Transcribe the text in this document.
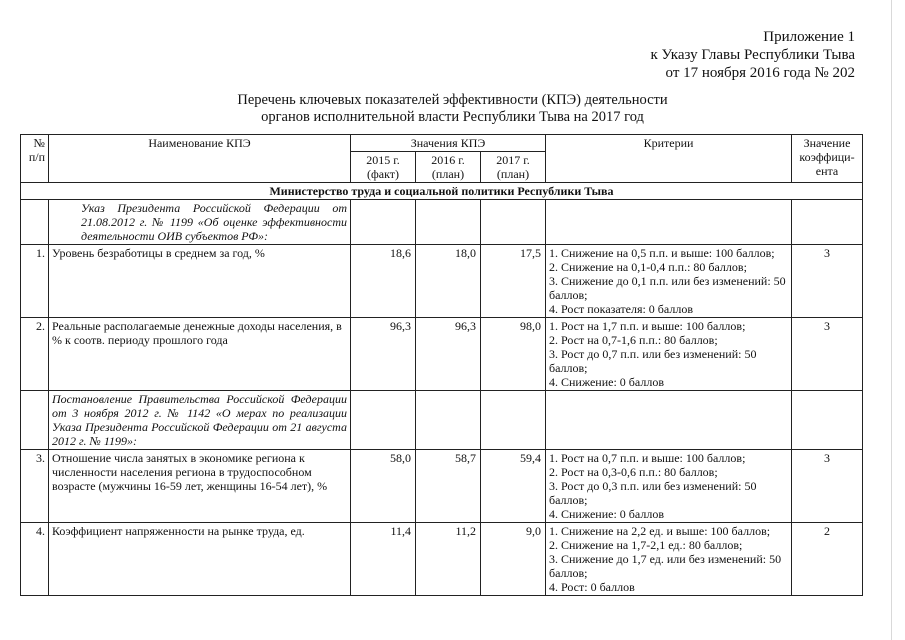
Приложение 1
к Указу Главы Республики Тыва
от 17 ноября 2016 года № 202
Перечень ключевых показателей эффективности (КПЭ) деятельности
органов исполнительной власти Республики Тыва на 2017 год
№ п/п	Наименование КПЭ	Значения КПЭ			Критерии	Значение коэффици-ента
		2015 г. (факт)	2016 г. (план)	2017 г. (план)		
Министерство труда и социальной политики Республики Тыва						
	Указ Президента Российской Федерации от 21.08.2012 г. № 1199 «Об оценке эффективности деятельности ОИВ субъектов РФ»:					
1.	Уровень безработицы в среднем за год, %	18,6	18,0	17,5	1. Снижение на 0,5 п.п. и выше: 100 баллов;
2. Снижение на 0,1-0,4 п.п.: 80 баллов;
3. Снижение до 0,1 п.п. или без изменений: 50 баллов;
4. Рост показателя: 0 баллов	3
2.	Реальные располагаемые денежные доходы населения, в % к соотв. периоду прошлого года	96,3	96,3	98,0	1. Рост на 1,7 п.п. и выше: 100 баллов;
2. Рост на 0,7-1,6 п.п.: 80 баллов;
3. Рост до 0,7 п.п. или без изменений: 50 баллов;
4. Снижение: 0 баллов	3
	Постановление Правительства Российской Федерации от 3 ноября 2012 г. № 1142 «О мерах по реализации Указа Президента Российской Федерации от 21 августа 2012 г. № 1199»:					
3.	Отношение числа занятых в экономике региона к численности населения региона в трудоспособном возрасте (мужчины 16-59 лет, женщины 16-54 лет), %	58,0	58,7	59,4	1. Рост на 0,7 п.п. и выше: 100 баллов;
2. Рост на 0,3-0,6 п.п.: 80 баллов;
3. Рост до 0,3 п.п. или без изменений: 50 баллов;
4. Снижение: 0 баллов	3
4.	Коэффициент напряженности на рынке труда, ед.	11,4	11,2	9,0	1. Снижение на 2,2 ед. и выше: 100 баллов;
2. Снижение на 1,7-2,1 ед.: 80 баллов;
3. Снижение до 1,7 ед. или без изменений: 50 баллов;
4. Рост: 0 баллов	2
